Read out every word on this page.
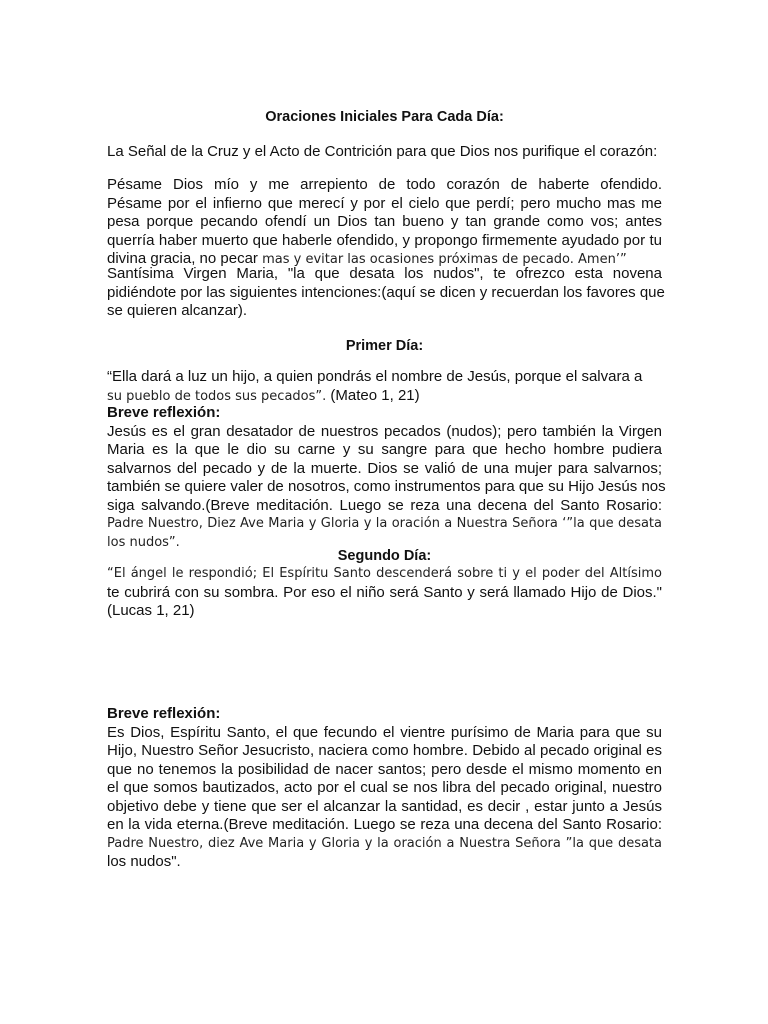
Oraciones Iniciales Para Cada Día:
La Señal de la Cruz y el Acto de Contrición para que Dios nos purifique el corazón:
Pésame Dios mío y me arrepiento de todo corazón de haberte ofendido.
Pésame por el infierno que merecí y por el cielo que perdí; pero mucho mas me
pesa porque pecando ofendí un Dios tan bueno y tan grande como vos; antes
querría haber muerto que haberle ofendido, y propongo firmemente ayudado por tu
divina gracia, no pecar mas y evitar las ocasiones próximas de pecado. Amen’”
Santísima Virgen Maria, "la que desata los nudos", te ofrezco esta novena
pidiéndote por las siguientes intenciones:(aquí se dicen y recuerdan los favores que
se quieren alcanzar).
Primer Día:
“Ella dará a luz un hijo, a quien pondrás el nombre de Jesús, porque el salvara a
su pueblo de todos sus pecados”. (Mateo 1, 21)
Breve reflexión:
Jesús es el gran desatador de nuestros pecados (nudos); pero también la Virgen
Maria es la que le dio su carne y su sangre para que hecho hombre pudiera
salvarnos del pecado y de la muerte. Dios se valió de una mujer para salvarnos;
también se quiere valer de nosotros, como instrumentos para que su Hijo Jesús nos
siga salvando.(Breve meditación. Luego se reza una decena del Santo Rosario:
Padre Nuestro, Diez Ave Maria y Gloria y la oración a Nuestra Señora ‘”la que desata
los nudos”.
Segundo Día:
“El ángel le respondió; El Espíritu Santo descenderá sobre ti y el poder del Altísimo
te cubrirá con su sombra. Por eso el niño será Santo y será llamado Hijo de Dios."
(Lucas 1, 21)
Breve reflexión:
Es Dios, Espíritu Santo, el que fecundo el vientre purísimo de Maria para que su
Hijo, Nuestro Señor Jesucristo, naciera como hombre. Debido al pecado original es
que no tenemos la posibilidad de nacer santos; pero desde el mismo momento en
el que somos bautizados, acto por el cual se nos libra del pecado original, nuestro
objetivo debe y tiene que ser el alcanzar la santidad, es decir , estar junto a Jesús
en la vida eterna.(Breve meditación. Luego se reza una decena del Santo Rosario:
Padre Nuestro, diez Ave Maria y Gloria y la oración a Nuestra Señora ”la que desata
los nudos".
